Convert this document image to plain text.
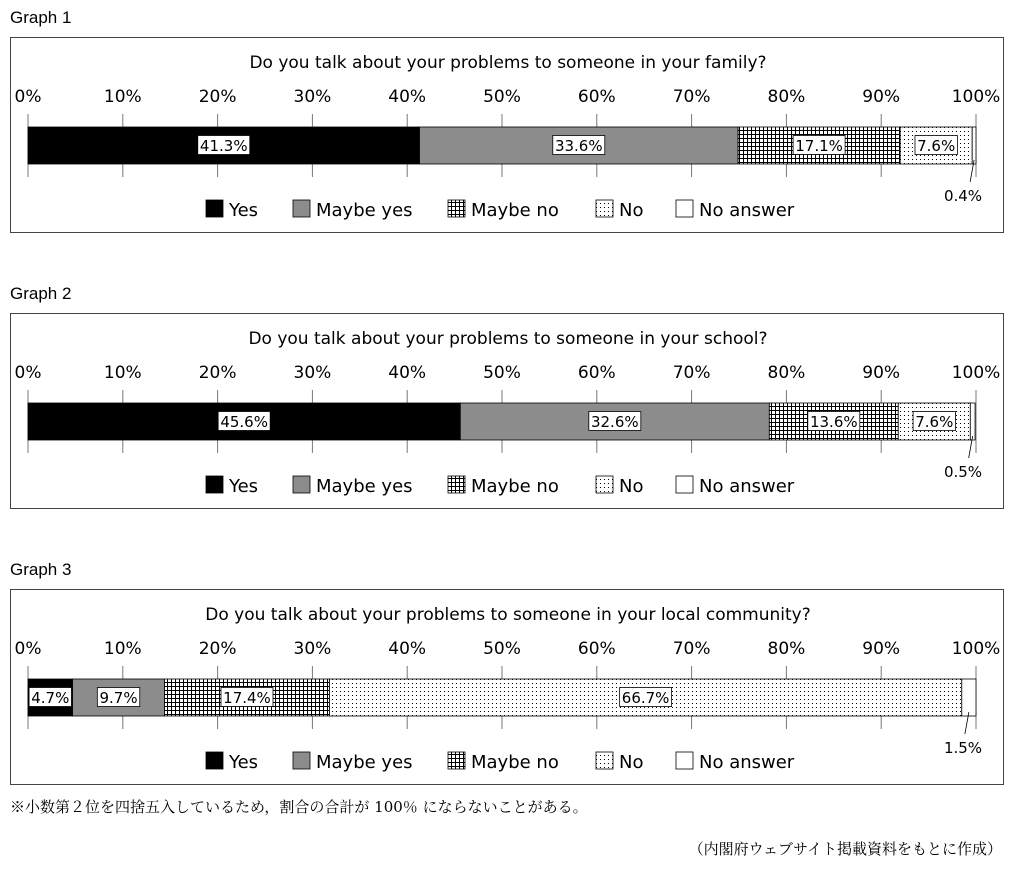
Graph 1
Do you talk about your problems to someone in your family?
0%	10%	20%	30%	40%	50%	60%	70%	80%	90%	100%
41.3%	33.6%	17.1%	7.6%
0.4%
Yes	Maybe yes	Maybe no	No	No answer
Graph 2
Do you talk about your problems to someone in your school?
0%	10%	20%	30%	40%	50%	60%	70%	80%	90%	100%
45.6%	32.6%	13.6%	7.6%
0.5%
Yes	Maybe yes	Maybe no	No	No answer
Graph 3
Do you talk about your problems to someone in your local community?
0%	10%	20%	30%	40%	50%	60%	70%	80%	90%	100%
4.7% 9.7%	17.4%	66.7%
1.5%
Yes	Maybe yes	Maybe no	No	No answer
※小数第２位を四捨五入しているため，割合の合計が 100％ にならないことがある。
（内閣府ウェブサイト掲載資料をもとに作成）
